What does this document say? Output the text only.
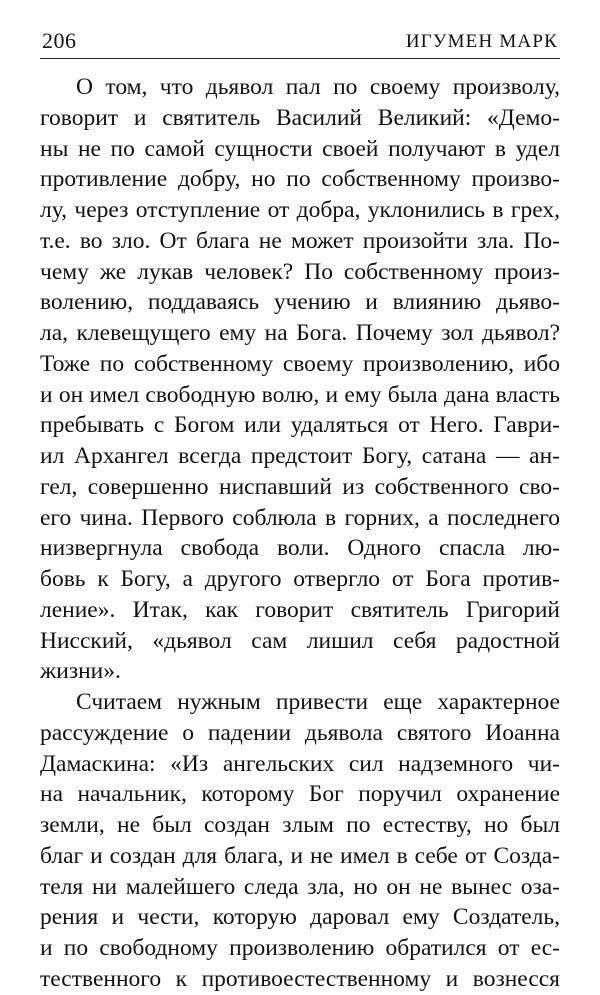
206	ИГУМЕН МАРК
О том, что дьявол пал по своему произволу,
говорит и святитель Василий Великий: «Демо-
ны не по самой сущности своей получают в удел
противление добру, но по собственному произво-
лу, через отступление от добра, уклонились в грех,
т.е. во зло. От блага не может произойти зла. По-
чему же лукав человек? По собственному произ-
волению, поддаваясь учению и влиянию дьяво-
ла, клевещущего ему на Бога. Почему зол дьявол?
Тоже по собственному своему произволению, ибо
и он имел свободную волю, и ему была дана власть
пребывать с Богом или удаляться от Него. Гаври-
ил Архангел всегда предстоит Богу, сатана — ан-
гел, совершенно ниспавший из собственного сво-
его чина. Первого соблюла в горних, а последнего
низвергнула свобода воли. Одного спасла лю-
бовь к Богу, а другого отвергло от Бога против-
ление». Итак, как говорит святитель Григорий
Нисский, «дьявол сам лишил себя радостной
жизни».
Считаем нужным привести еще характерное
рассуждение о падении дьявола святого Иоанна
Дамаскина: «Из ангельских сил надземного чи-
на начальник, которому Бог поручил охранение
земли, не был создан злым по естеству, но был
благ и создан для блага, и не имел в себе от Созда-
теля ни малейшего следа зла, но он не вынес оза-
рения и чести, которую даровал ему Создатель,
и по свободному произволению обратился от ес-
тественного к противоестественному и вознесся
